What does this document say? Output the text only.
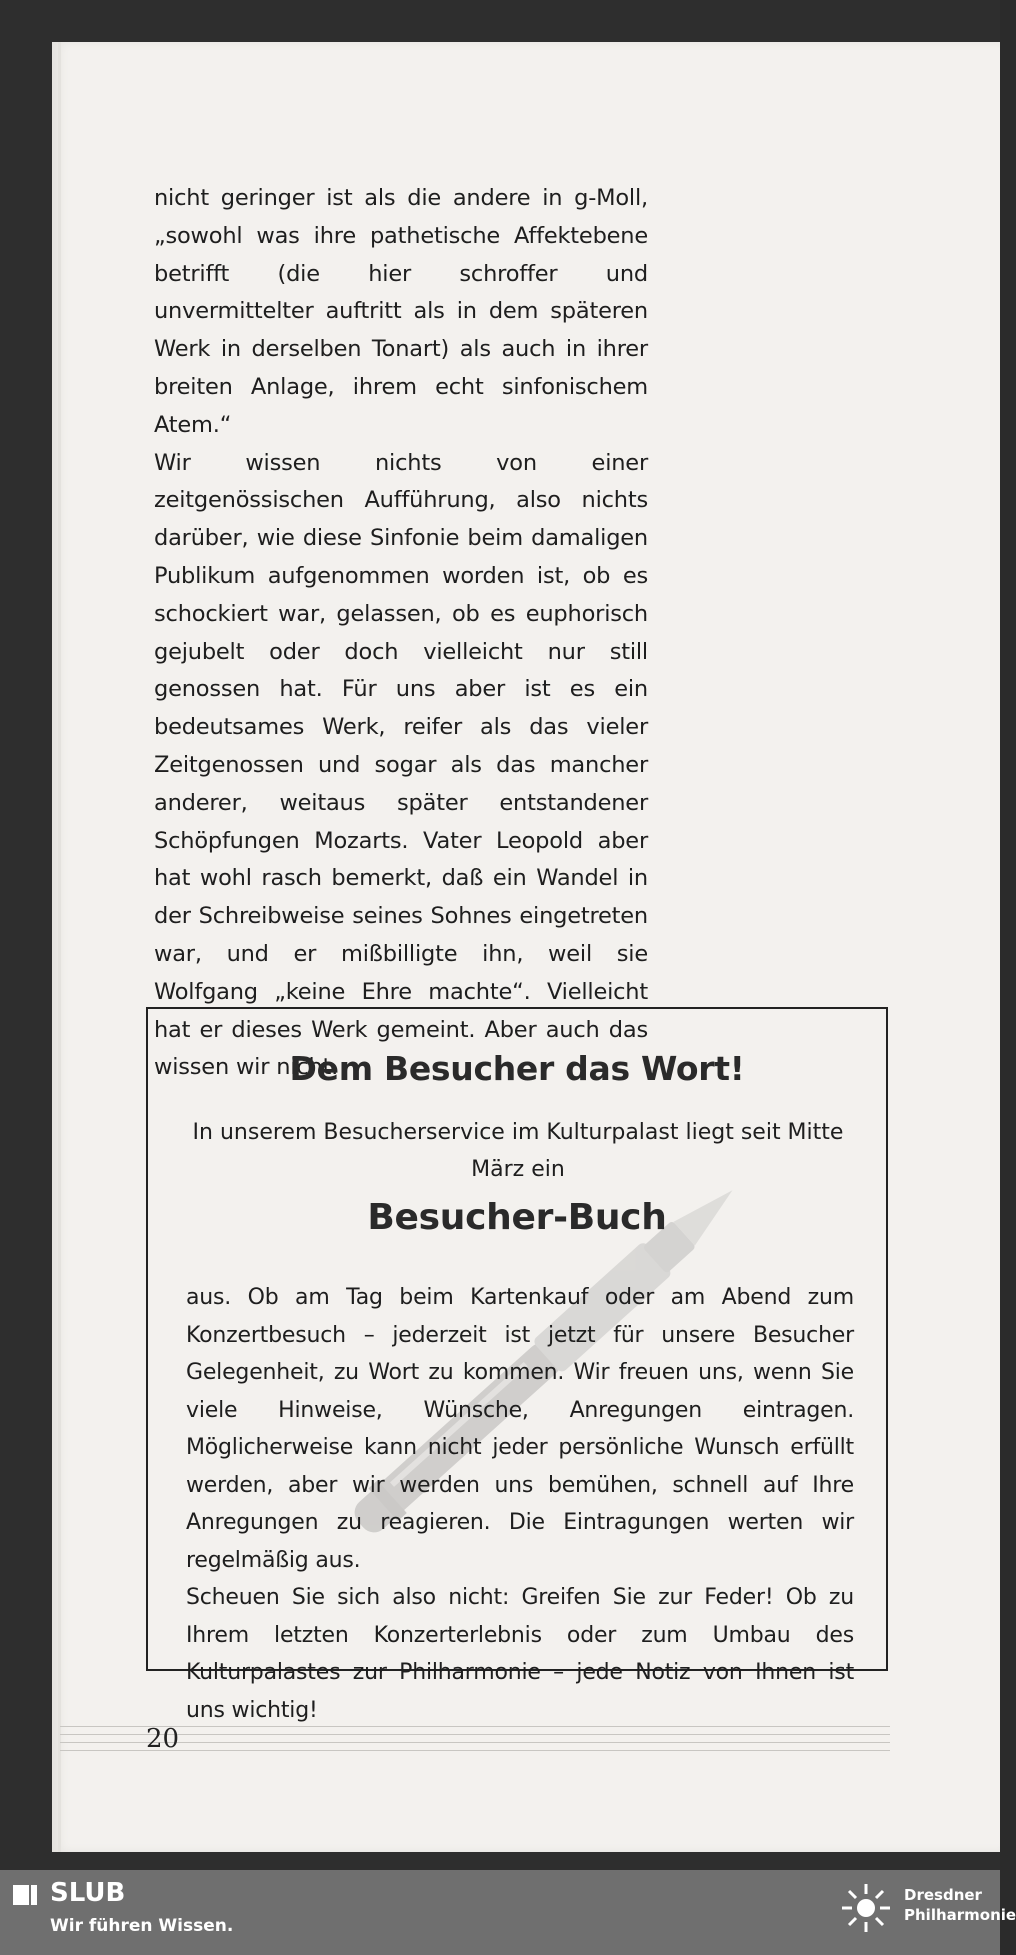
nicht geringer ist als die andere in g-Moll, „sowohl was ihre pathetische Affektebene betrifft (die hier schroffer und unvermittelter auftritt als in dem späteren Werk in derselben Tonart) als auch in ihrer breiten Anlage, ihrem echt sinfonischem Atem.“

Wir wissen nichts von einer zeitgenössischen Aufführung, also nichts darüber, wie diese Sinfonie beim damaligen Publikum aufgenommen worden ist, ob es schockiert war, gelassen, ob es euphorisch gejubelt oder doch vielleicht nur still genossen hat. Für uns aber ist es ein bedeutsames Werk, reifer als das vieler Zeitgenossen und sogar als das mancher anderer, weitaus später entstandener Schöpfungen Mozarts. Vater Leopold aber hat wohl rasch bemerkt, daß ein Wandel in der Schreibweise seines Sohnes eingetreten war, und er mißbilligte ihn, weil sie Wolfgang „keine Ehre machte“. Vielleicht hat er dieses Werk gemeint. Aber auch das wissen wir nicht.

Dem Besucher das Wort!
In unserem Besucherservice im Kulturpalast liegt seit Mitte März ein
Besucher-Buch

aus. Ob am Tag beim Kartenkauf oder am Abend zum Konzertbesuch – jederzeit ist jetzt für unsere Besucher Gelegenheit, zu Wort zu kommen. Wir freuen uns, wenn Sie viele Hinweise, Wünsche, Anregungen eintragen. Möglicherweise kann nicht jeder persönliche Wunsch erfüllt werden, aber wir werden uns bemühen, schnell auf Ihre Anregungen zu reagieren. Die Eintragungen werten wir regelmäßig aus.

Scheuen Sie sich also nicht: Greifen Sie zur Feder! Ob zu Ihrem letzten Konzerterlebnis oder zum Umbau des Kulturpalastes zur Philharmonie – jede Notiz von Ihnen ist uns wichtig!

20
SLUB
Wir führen Wissen.
Dresdner
Philharmonie
